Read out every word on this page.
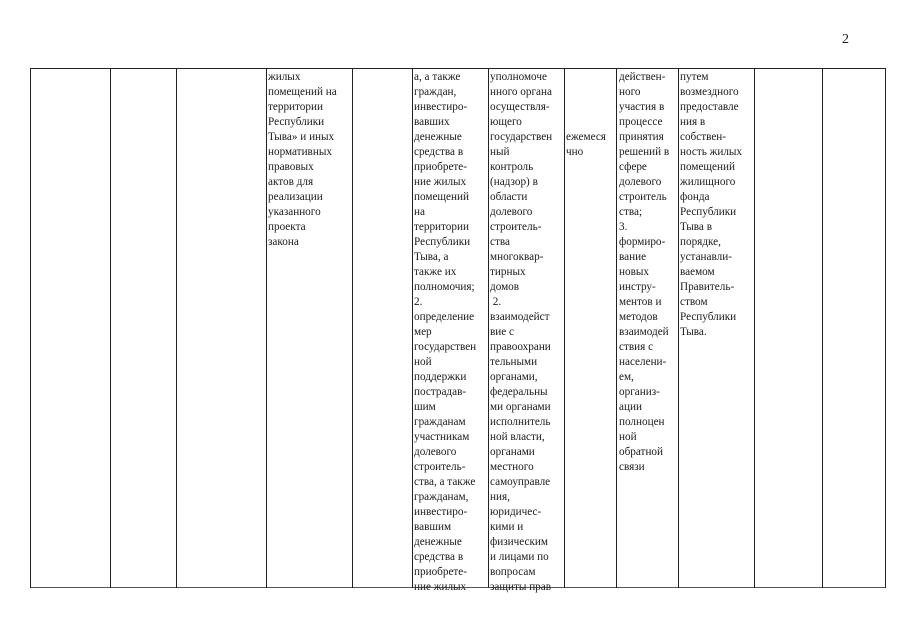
2
жилых
помещений на
территории
Республики
Тыва» и иных
нормативных
правовых
актов для
реализации
указанного
проекта
закона
а, а также
граждан,
инвестиро-
вавших
денежные
средства в
приобрете-
ние жилых
помещений
на
территории
Республики
Тыва, а
также их
полномочия;
2.
определение
мер
государствен
ной
поддержки
пострадав-
шим
гражданам
участникам
долевого
строитель-
ства, а также
гражданам,
инвестиро-
вавшим
денежные
средства в
приобрете-
ние жилых
уполномоче
нного органа
осуществля-
ющего
государствен
ный
контроль
(надзор) в
области
долевого
строитель-
ства
многоквар-
тирных
домов
2.
взаимодейст
вие с
правоохрани
тельными
органами,
федеральны
ми органами
исполнитель
ной власти,
органами
местного
самоуправле
ния,
юридичес-
кими и
физическим
и лицами по
вопросам
защиты прав

ежемеся
чно
действен-
ного
участия в
процессе
принятия
решений в
сфере
долевого
строитель
ства;
3.
формиро-
вание
новых
инстру-
ментов и
методов
взаимодей
ствия с
населени-
ем,
организ-
ации
полноцен
ной
обратной
связи
путем
возмездного
предоставле
ния в
собствен-
ность жилых
помещений
жилищного
фонда
Республики
Тыва в
порядке,
устанавли-
ваемом
Правитель-
ством
Республики
Тыва.
